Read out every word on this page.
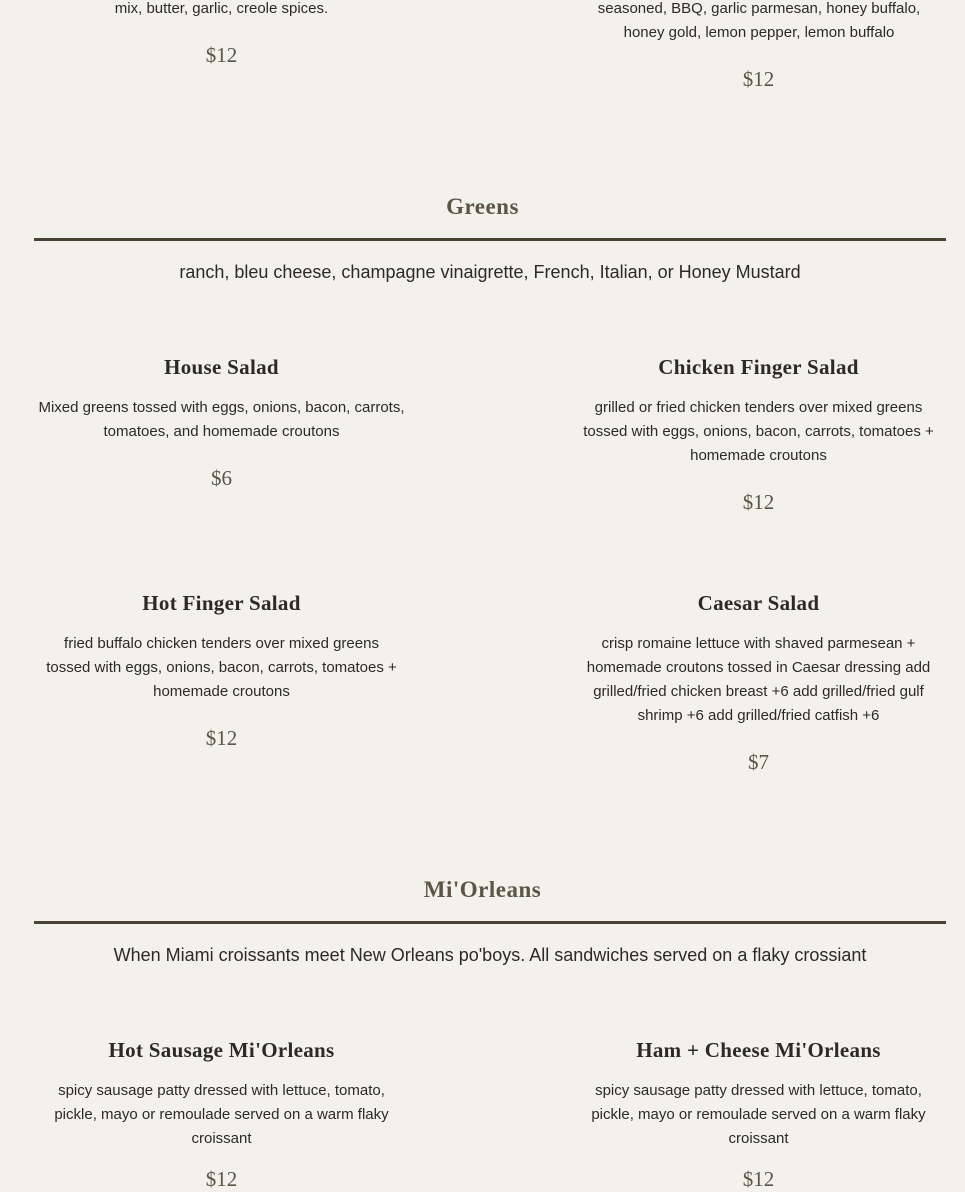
mix, butter, garlic, creole spices.

$12

seasoned, BBQ, garlic parmesan, honey buffalo, honey gold, lemon pepper, lemon buffalo

$12

Greens

ranch, bleu cheese, champagne vinaigrette, French, Italian, or Honey Mustard

House Salad

Mixed greens tossed with eggs, onions, bacon, carrots, tomatoes, and homemade croutons

$6

Chicken Finger Salad

grilled or fried chicken tenders over mixed greens tossed with eggs, onions, bacon, carrots, tomatoes + homemade croutons

$12

Hot Finger Salad

fried buffalo chicken tenders over mixed greens tossed with eggs, onions, bacon, carrots, tomatoes + homemade croutons

$12

Caesar Salad

crisp romaine lettuce with shaved parmesean + homemade croutons tossed in Caesar dressing add grilled/fried chicken breast +6 add grilled/fried gulf shrimp +6 add grilled/fried catfish +6

$7

Mi'Orleans

When Miami croissants meet New Orleans po'boys. All sandwiches served on a flaky crossiant

Hot Sausage Mi'Orleans

spicy sausage patty dressed with lettuce, tomato, pickle, mayo or remoulade served on a warm flaky croissant

$12

Ham + Cheese Mi'Orleans

spicy sausage patty dressed with lettuce, tomato, pickle, mayo or remoulade served on a warm flaky croissant

$12
